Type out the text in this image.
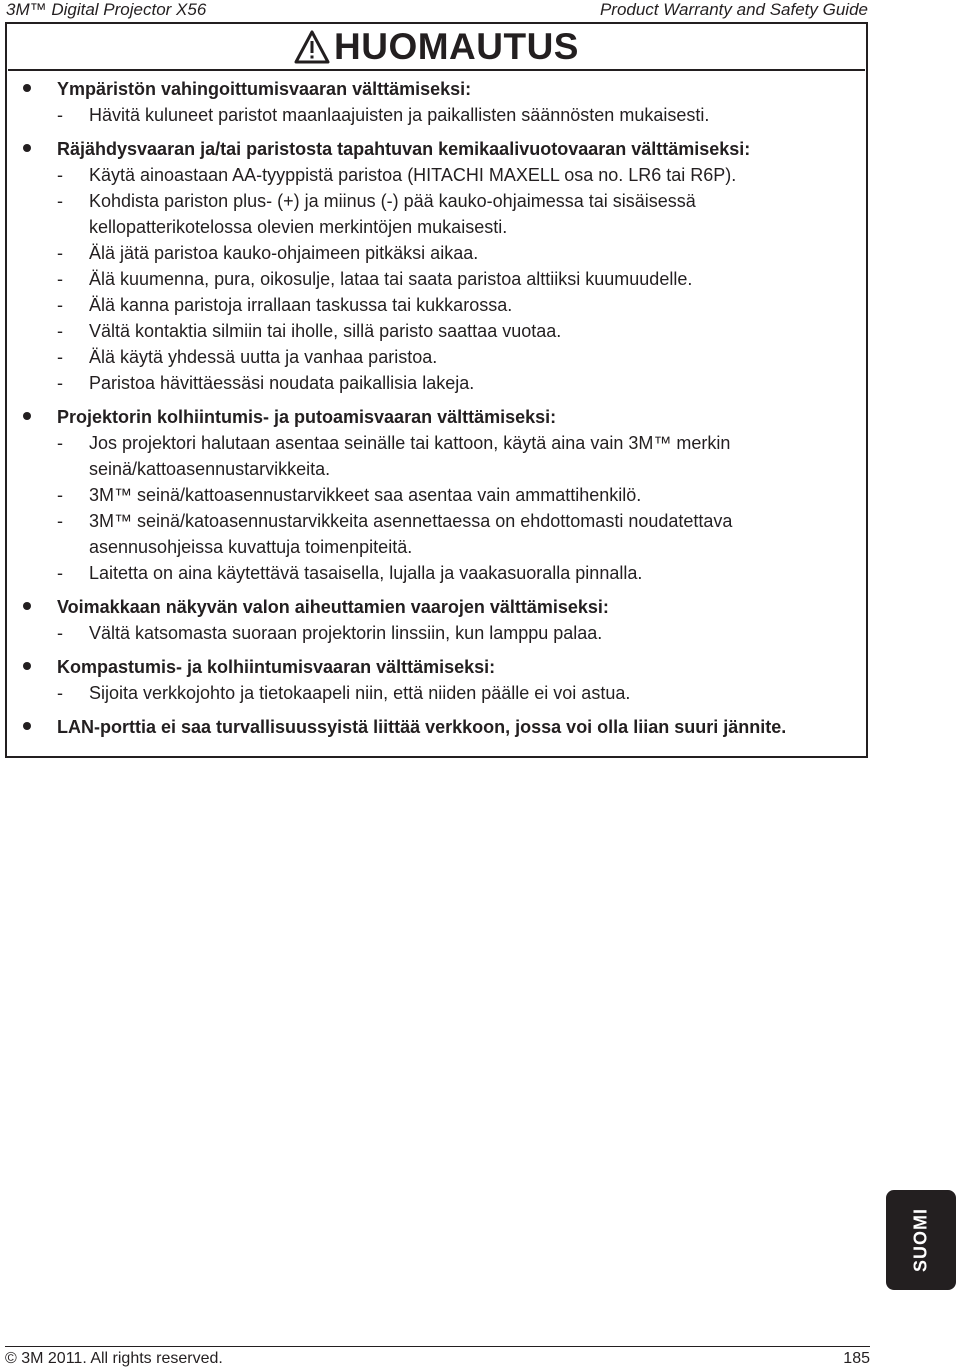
3M™ Digital Projector X56	Product Warranty and Safety Guide
HUOMAUTUS
Ympäristön vahingoittumisvaaran välttämiseksi:
- Hävitä kuluneet paristot maanlaajuisten ja paikallisten säännösten mukaisesti.
Räjähdysvaaran ja/tai paristosta tapahtuvan kemikaalivuotovaaran välttämiseksi:
- Käytä ainoastaan AA-tyyppistä paristoa (HITACHI MAXELL osa no. LR6 tai R6P).
- Kohdista pariston plus- (+) ja miinus (-) pää kauko-ohjaimessa tai sisäisessä kellopatterikotelossa olevien merkintöjen mukaisesti.
- Älä jätä paristoa kauko-ohjaimeen pitkäksi aikaa.
- Älä kuumenna, pura, oikosulje, lataa tai saata paristoa alttiiksi kuumuudelle.
- Älä kanna paristoja irrallaan taskussa tai kukkarossa.
- Vältä kontaktia silmiin tai iholle, sillä paristo saattaa vuotaa.
- Älä käytä yhdessä uutta ja vanhaa paristoa.
- Paristoa hävittäessäsi noudata paikallisia lakeja.
Projektorin kolhiintumis- ja putoamisvaaran välttämiseksi:
- Jos projektori halutaan asentaa seinälle tai kattoon, käytä aina vain 3M™ merkin seinä/kattoasennustarvikkeita.
- 3M™ seinä/kattoasennustarvikkeet saa asentaa vain ammattihenkilö.
- 3M™ seinä/katoasennustarvikkeita asennettaessa on ehdottomasti noudatettava asennusohjeissa kuvattuja toimenpiteitä.
- Laitetta on aina käytettävä tasaisella, lujalla ja vaakasuoralla pinnalla.
Voimakkaan näkyvän valon aiheuttamien vaarojen välttämiseksi:
- Vältä katsomasta suoraan projektorin linssiin, kun lamppu palaa.
Kompastumis- ja kolhiintumisvaaran välttämiseksi:
- Sijoita verkkojohto ja tietokaapeli niin, että niiden päälle ei voi astua.
LAN-porttia ei saa turvallisuussyistä liittää verkkoon, jossa voi olla liian suuri jännite.
SUOMI
© 3M 2011. All rights reserved.	185
